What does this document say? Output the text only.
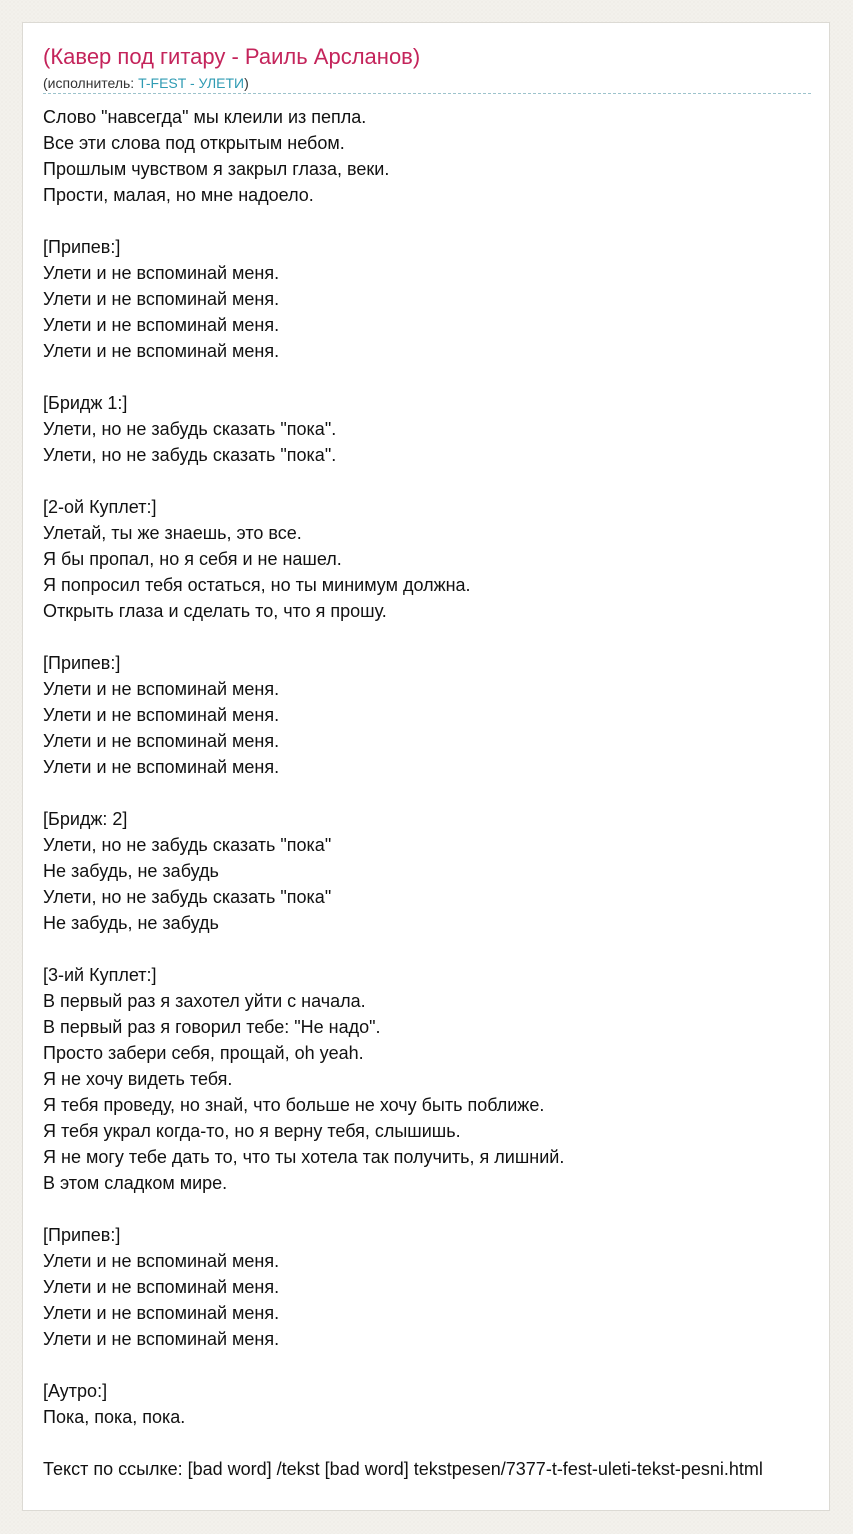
(Кавер под гитару - Раиль Арсланов)
(исполнитель: T-FEST - УЛЕТИ)
Слово "навсегда" мы клеили из пепла.
Все эти слова под открытым небом.
Прошлым чувством я закрыл глаза, веки.
Прости, малая, но мне надоело.

[Припев:]
Улети и не вспоминай меня.
Улети и не вспоминай меня.
Улети и не вспоминай меня.
Улети и не вспоминай меня.

[Бридж 1:]
Улети, но не забудь сказать "пока".
Улети, но не забудь сказать "пока".

[2-ой Куплет:]
Улетай, ты же знаешь, это все.
Я бы пропал, но я себя и не нашел.
Я попросил тебя остаться, но ты минимум должна.
Открыть глаза и сделать то, что я прошу.

[Припев:]
Улети и не вспоминай меня.
Улети и не вспоминай меня.
Улети и не вспоминай меня.
Улети и не вспоминай меня.

[Бридж: 2]
Улети, но не забудь сказать "пока"
Не забудь, не забудь
Улети, но не забудь сказать "пока"
Не забудь, не забудь

[3-ий Куплет:]
В первый раз я захотел уйти с начала.
В первый раз я говорил тебе: "Не надо".
Просто забери себя, прощай, oh yeah.
Я не хочу видеть тебя.
Я тебя проведу, но знай, что больше не хочу быть поближе.
Я тебя украл когда-то, но я верну тебя, слышишь.
Я не могу тебе дать то, что ты хотела так получить, я лишний.
В этом сладком мире.

[Припев:]
Улети и не вспоминай меня.
Улети и не вспоминай меня.
Улети и не вспоминай меня.
Улети и не вспоминай меня.

[Аутро:]
Пока, пока, пока.
Текст по ссылке: [bad word] /tekst [bad word] tekstpesen/7377-t-fest-uleti-tekst-pesni.html
